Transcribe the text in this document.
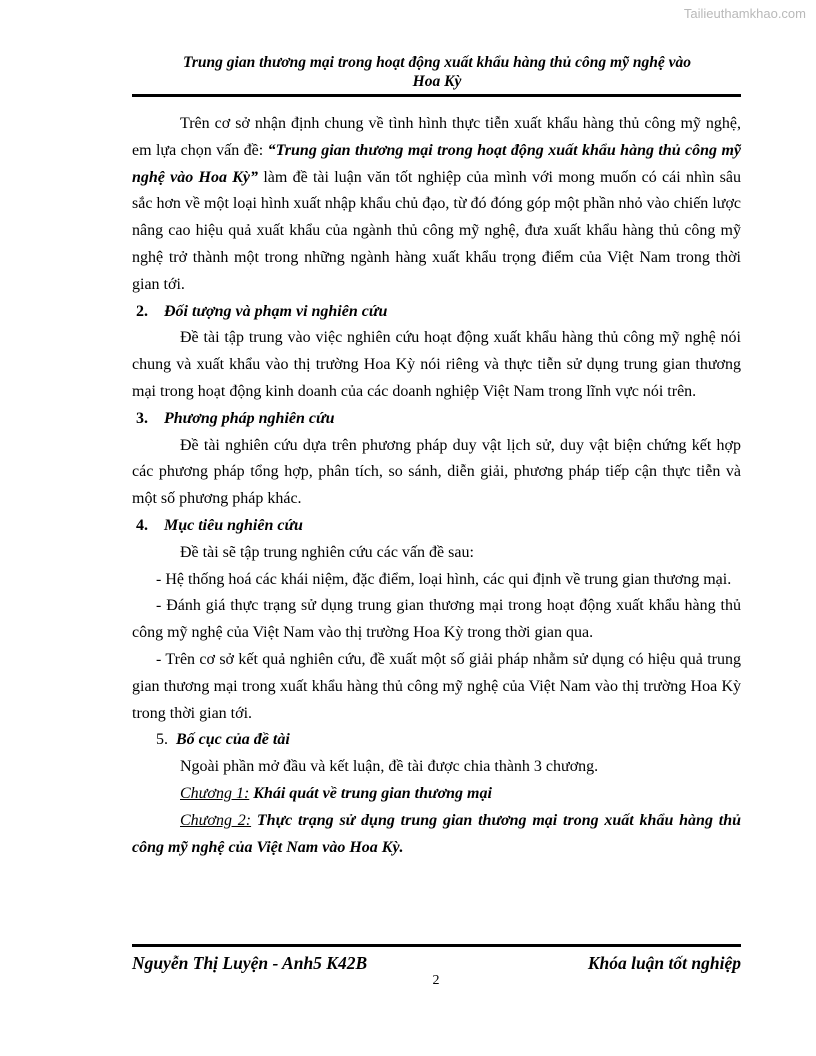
Tailieuthamkhao.com
Trung gian thương mại trong hoạt động xuất khẩu hàng thủ công mỹ nghệ vào
Hoa Kỳ

Trên cơ sở nhận định chung về tình hình thực tiễn xuất khẩu hàng thủ công mỹ nghệ, em lựa chọn vấn đề: “Trung gian thương mại trong hoạt động xuất khẩu hàng thủ công mỹ nghệ vào Hoa Kỳ” làm đề tài luận văn tốt nghiệp của mình với mong muốn có cái nhìn sâu sắc hơn về một loại hình xuất nhập khẩu chủ đạo, từ đó đóng góp một phần nhỏ vào chiến lược nâng cao hiệu quả xuất khẩu của ngành thủ công mỹ nghệ, đưa xuất khẩu hàng thủ công mỹ nghệ trở thành một trong những ngành hàng xuất khẩu trọng điểm của Việt Nam trong thời gian tới.

2. Đối tượng và phạm vi nghiên cứu

Đề tài tập trung vào việc nghiên cứu hoạt động xuất khẩu hàng thủ công mỹ nghệ nói chung và xuất khẩu vào thị trường Hoa Kỳ nói riêng và thực tiễn sử dụng trung gian thương mại trong hoạt động kinh doanh của các doanh nghiệp Việt Nam trong lĩnh vực nói trên.

3. Phương pháp nghiên cứu

Đề tài nghiên cứu dựa trên phương pháp duy vật lịch sử, duy vật biện chứng kết hợp các phương pháp tổng hợp, phân tích, so sánh, diễn giải, phương pháp tiếp cận thực tiễn và một số phương pháp khác.

4. Mục tiêu nghiên cứu

Đề tài sẽ tập trung nghiên cứu các vấn đề sau:

- Hệ thống hoá các khái niệm, đặc điểm, loại hình, các qui định về trung gian thương mại.

- Đánh giá thực trạng sử dụng trung gian thương mại trong hoạt động xuất khẩu hàng thủ công mỹ nghệ của Việt Nam vào thị trường Hoa Kỳ trong thời gian qua.

- Trên cơ sở kết quả nghiên cứu, đề xuất một số giải pháp nhằm sử dụng có hiệu quả trung gian thương mại trong xuất khẩu hàng thủ công mỹ nghệ của Việt Nam vào thị trường Hoa Kỳ trong thời gian tới.

5. Bố cục của đề tài

Ngoài phần mở đầu và kết luận, đề tài được chia thành 3 chương.

Chương 1: Khái quát về trung gian thương mại

Chương 2: Thực trạng sử dụng trung gian thương mại trong xuất khẩu hàng thủ công mỹ nghệ của Việt Nam vào Hoa Kỳ.

Nguyễn Thị Luyện - Anh5 K42B	Khóa luận tốt nghiệp
2
